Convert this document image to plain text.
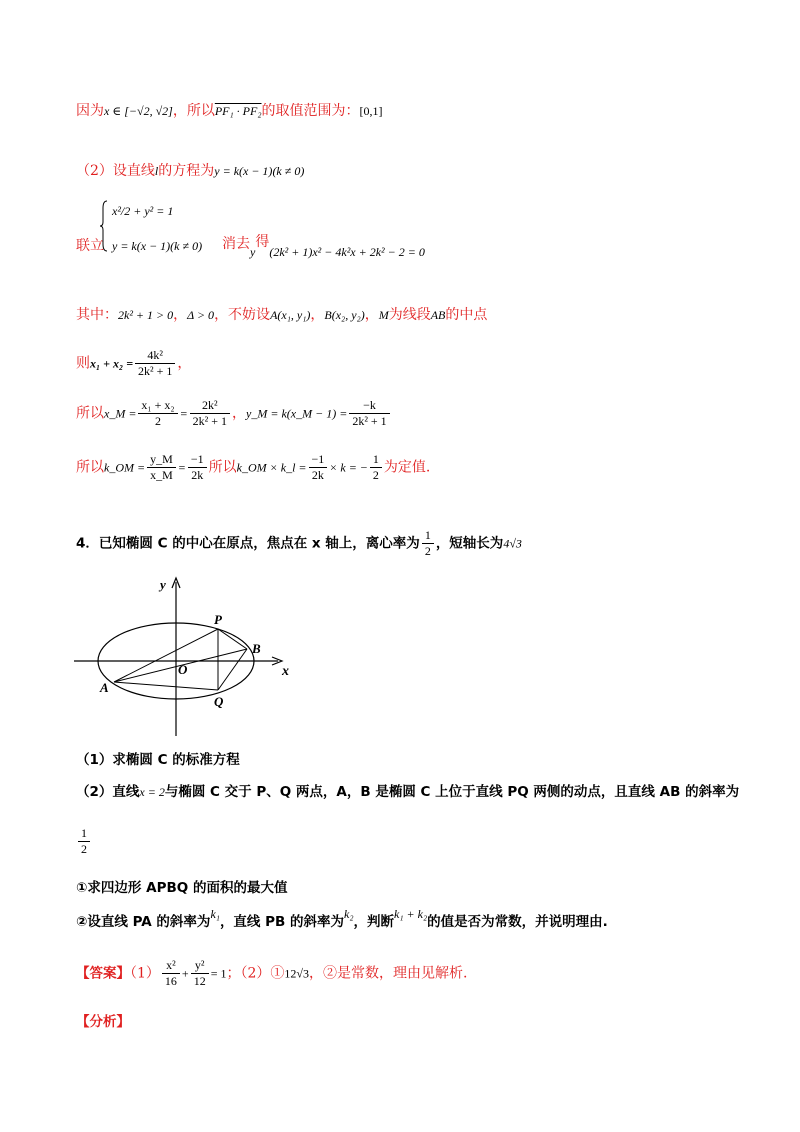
因为x ∈ [−√2, √2]，所以PF₁ · PF₂的取值范围为：[0,1]
（2）设直线l的方程为y = k(x − 1)(k ≠ 0)
联立
x²/2 + y² = 1
y = k(x − 1)(k ≠ 0) 消去 y得(2k² + 1)x² − 4k²x + 2k² − 2 = 0
其中：2k² + 1 > 0，Δ > 0，不妨设A(x₁, y₁)，B(x₂, y₂)，M为线段AB的中点
则$x_1 + x_2 = \frac{\text{4k²}}{\text{2k² + 1}}$ ，
所以x_M = $\frac{\text{x₁ + x₂}}{2} = \frac{\text{2k²}}{\text{2k² + 1}}$ ，y_M = k(x_M − $1) = \frac{-k}{\text{2k² + 1}}$
所以k_OM = $\frac{y\_M}{x\_M} = \frac{-1}{2k}$ 所以k_OM × k_l = $\frac{-1}{2k} \times k$ = − $\frac{1}{2}$ 为定值.
4．已知椭圆 C 的中心在原点，焦点在 x 轴上，离心率为 $\frac{1}{2}$ ，短轴长为4√3
y
x
O
P
B
A
Q
（1）求椭圆 C 的标准方程
（2）直线x = 2与椭圆 C 交于 P、Q 两点，A，B 是椭圆 C 上位于直线 PQ 两侧的动点，且直线 AB 的斜率为
$\frac{1}{2}$
①求四边形 APBQ 的面积的最大值
②设直线 PA 的斜率为k₁，直线 PB 的斜率为k₂，判断k₁ + k₂的值是否为常数，并说明理由.
【答案】$(1) \frac{\text{x²}}{16} + \frac{\text{y²}}{12} = 1$；（2）①12√3，②是常数，理由见解析.
【分析】
